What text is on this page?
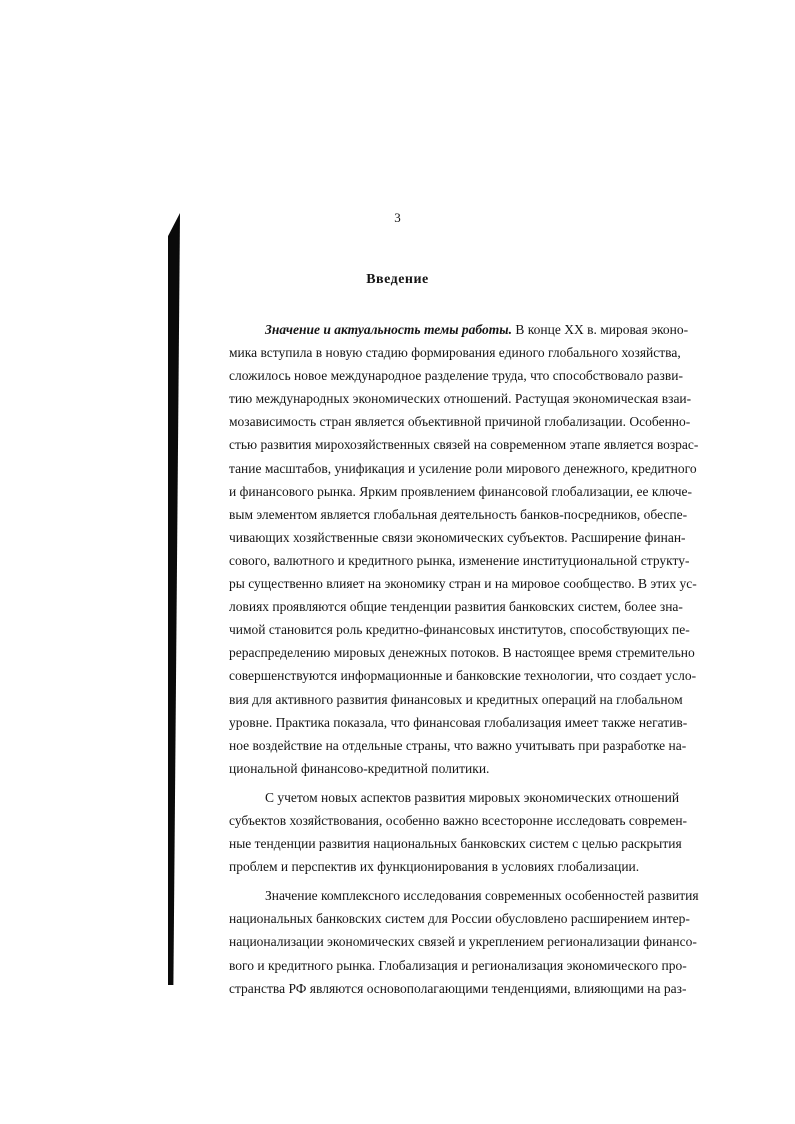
3
Введение
Значение и актуальность темы работы. В конце XX в. мировая эконо-
мика вступила в новую стадию формирования единого глобального хозяйства,
сложилось новое международное разделение труда, что способствовало разви-
тию международных экономических отношений. Растущая экономическая взаи-
мозависимость стран является объективной причиной глобализации. Особенно-
стью развития мирохозяйственных связей на современном этапе является возрас-
тание масштабов, унификация и усиление роли мирового денежного, кредитного
и финансового рынка. Ярким проявлением финансовой глобализации, ее ключе-
вым элементом является глобальная деятельность банков-посредников, обеспе-
чивающих хозяйственные связи экономических субъектов. Расширение финан-
сового, валютного и кредитного рынка, изменение институциональной структу-
ры существенно влияет на экономику стран и на мировое сообщество. В этих ус-
ловиях проявляются общие тенденции развития банковских систем, более зна-
чимой становится роль кредитно-финансовых институтов, способствующих пе-
рераспределению мировых денежных потоков. В настоящее время стремительно
совершенствуются информационные и банковские технологии, что создает усло-
вия для активного развития финансовых и кредитных операций на глобальном
уровне. Практика показала, что финансовая глобализация имеет также негатив-
ное воздействие на отдельные страны, что важно учитывать при разработке на-
циональной финансово-кредитной политики.
С учетом новых аспектов развития мировых экономических отношений
субъектов хозяйствования, особенно важно всесторонне исследовать современ-
ные тенденции развития национальных банковских систем с целью раскрытия
проблем и перспектив их функционирования в условиях глобализации.
Значение комплексного исследования современных особенностей развития
национальных банковских систем для России обусловлено расширением интер-
национализации экономических связей и укреплением регионализации финансо-
вого и кредитного рынка. Глобализация и регионализация экономического про-
странства РФ являются основополагающими тенденциями, влияющими на раз-
